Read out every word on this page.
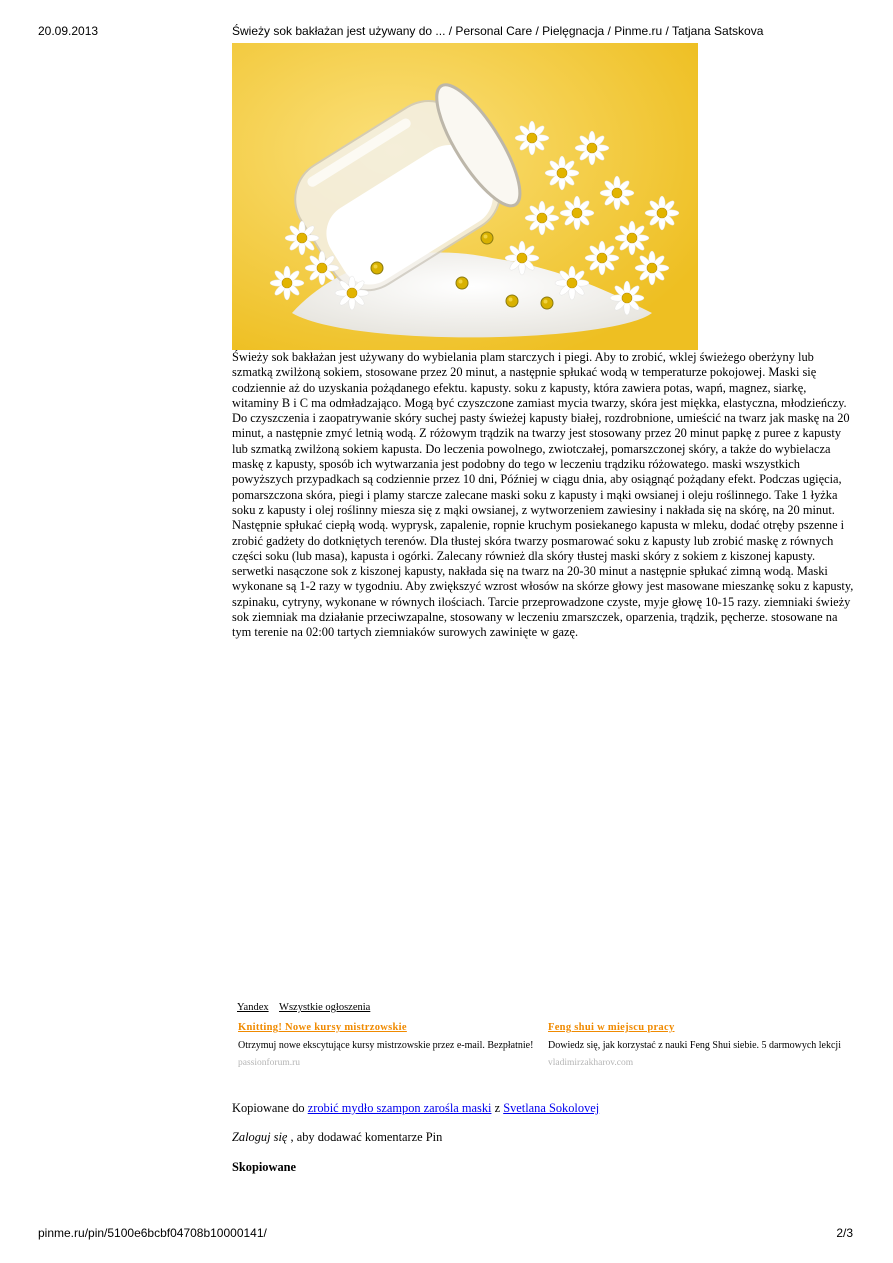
20.09.2013	Świeży sok bakłażan jest używany do ... / Personal Care / Pielęgnacja / Pinme.ru / Tatjana Satskova

Świeży sok bakłażan jest używany do wybielania plam starczych i piegi. Aby to zrobić, wklej świeżego oberżyny lub szmatką zwilżoną sokiem, stosowane przez 20 minut, a następnie spłukać wodą w temperaturze pokojowej. Maski się codziennie aż do uzyskania pożądanego efektu. kapusty. soku z kapusty, która zawiera potas, wapń, magnez, siarkę, witaminy B i C ma odmładzająco. Mogą być czyszczone zamiast mycia twarzy, skóra jest miękka, elastyczna, młodzieńczy. Do czyszczenia i zaopatrywanie skóry suchej pasty świeżej kapusty białej, rozdrobnione, umieścić na twarz jak maskę na 20 minut, a następnie zmyć letnią wodą. Z różowym trądzik na twarzy jest stosowany przez 20 minut papkę z puree z kapusty lub szmatką zwilżoną sokiem kapusta. Do leczenia powolnego, zwiotczałej, pomarszczonej skóry, a także do wybielacza maskę z kapusty, sposób ich wytwarzania jest podobny do tego w leczeniu trądziku różowatego. maski wszystkich powyższych przypadkach są codziennie przez 10 dni, Później w ciągu dnia, aby osiągnąć pożądany efekt. Podczas ugięcia, pomarszczona skóra, piegi i plamy starcze zalecane maski soku z kapusty i mąki owsianej i oleju roślinnego. Take 1 łyżka soku z kapusty i olej roślinny miesza się z mąki owsianej, z wytworzeniem zawiesiny i nakłada się na skórę, na 20 minut. Następnie spłukać ciepłą wodą. wyprysk, zapalenie, ropnie kruchym posiekanego kapusta w mleku, dodać otręby pszenne i zrobić gadżety do dotkniętych terenów. Dla tłustej skóra twarzy posmarować soku z kapusty lub zrobić maskę z równych części soku (lub masa), kapusta i ogórki. Zalecany również dla skóry tłustej maski skóry z sokiem z kiszonej kapusty. serwetki nasączone sok z kiszonej kapusty, nakłada się na twarz na 20-30 minut a następnie spłukać zimną wodą. Maski wykonane są 1-2 razy w tygodniu. Aby zwiększyć wzrost włosów na skórze głowy jest masowane mieszankę soku z kapusty, szpinaku, cytryny, wykonane w równych ilościach. Tarcie przeprowadzone czyste, myje głowę 10-15 razy. ziemniaki świeży sok ziemniak ma działanie przeciwzapalne, stosowany w leczeniu zmarszczek, oparzenia, trądzik, pęcherze. stosowane na tym terenie na 02:00 tartych ziemniaków surowych zawinięte w gazę.

Yandex Wszystkie ogłoszenia
Knitting! Nowe kursy mistrzowskie
Otrzymuj nowe ekscytujące kursy mistrzowskie przez e-mail. Bezpłatnie!
passionforum.ru
Feng shui w miejscu pracy
Dowiedz się, jak korzystać z nauki Feng Shui siebie. 5 darmowych lekcji
vladimirzakharov.com
Kopiowane do zrobić mydło szampon zarośla maski z Svetlana Sokolovej
Zaloguj się , aby dodawać komentarze Pin
Skopiowane
pinme.ru/pin/5100e6bcbf04708b10000141/	2/3
